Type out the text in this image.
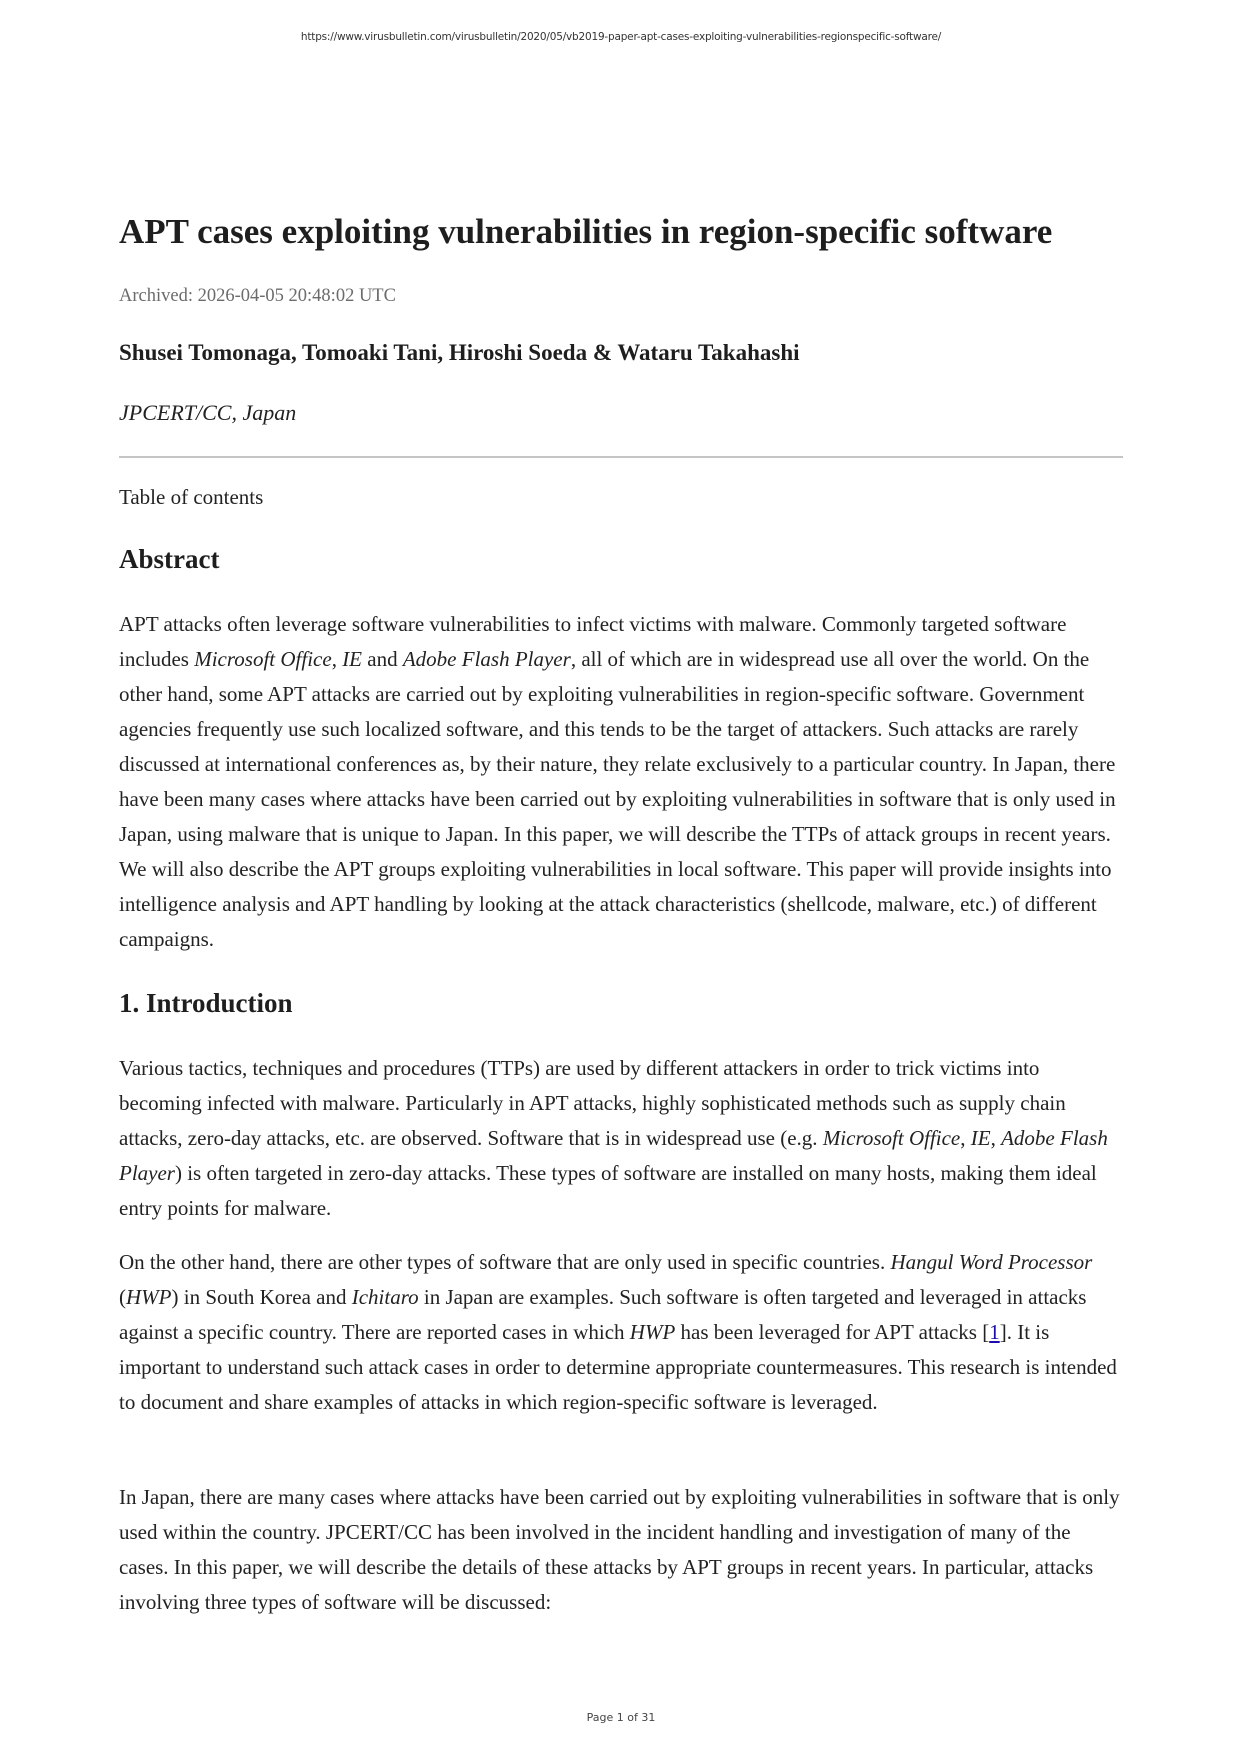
https://www.virusbulletin.com/virusbulletin/2020/05/vb2019-paper-apt-cases-exploiting-vulnerabilities-regionspecific-software/
APT cases exploiting vulnerabilities in region-specific software
Archived: 2026-04-05 20:48:02 UTC
Shusei Tomonaga, Tomoaki Tani, Hiroshi Soeda & Wataru Takahashi
JPCERT/CC, Japan
Table of contents
Abstract

APT attacks often leverage software vulnerabilities to infect victims with malware. Commonly targeted software includes Microsoft Office, IE and Adobe Flash Player, all of which are in widespread use all over the world. On the other hand, some APT attacks are carried out by exploiting vulnerabilities in region-specific software. Government agencies frequently use such localized software, and this tends to be the target of attackers. Such attacks are rarely discussed at international conferences as, by their nature, they relate exclusively to a particular country. In Japan, there have been many cases where attacks have been carried out by exploiting vulnerabilities in software that is only used in Japan, using malware that is unique to Japan. In this paper, we will describe the TTPs of attack groups in recent years. We will also describe the APT groups exploiting vulnerabilities in local software. This paper will provide insights into intelligence analysis and APT handling by looking at the attack characteristics (shellcode, malware, etc.) of different campaigns.

1. Introduction

Various tactics, techniques and procedures (TTPs) are used by different attackers in order to trick victims into becoming infected with malware. Particularly in APT attacks, highly sophisticated methods such as supply chain attacks, zero-day attacks, etc. are observed. Software that is in widespread use (e.g. Microsoft Office, IE, Adobe Flash Player) is often targeted in zero-day attacks. These types of software are installed on many hosts, making them ideal entry points for malware.

On the other hand, there are other types of software that are only used in specific countries. Hangul Word Processor (HWP) in South Korea and Ichitaro in Japan are examples. Such software is often targeted and leveraged in attacks against a specific country. There are reported cases in which HWP has been leveraged for APT attacks [1]. It is important to understand such attack cases in order to determine appropriate countermeasures. This research is intended to document and share examples of attacks in which region-specific software is leveraged.

In Japan, there are many cases where attacks have been carried out by exploiting vulnerabilities in software that is only used within the country. JPCERT/CC has been involved in the incident handling and investigation of many of the cases. In this paper, we will describe the details of these attacks by APT groups in recent years. In particular, attacks involving three types of software will be discussed:

Page 1 of 31
